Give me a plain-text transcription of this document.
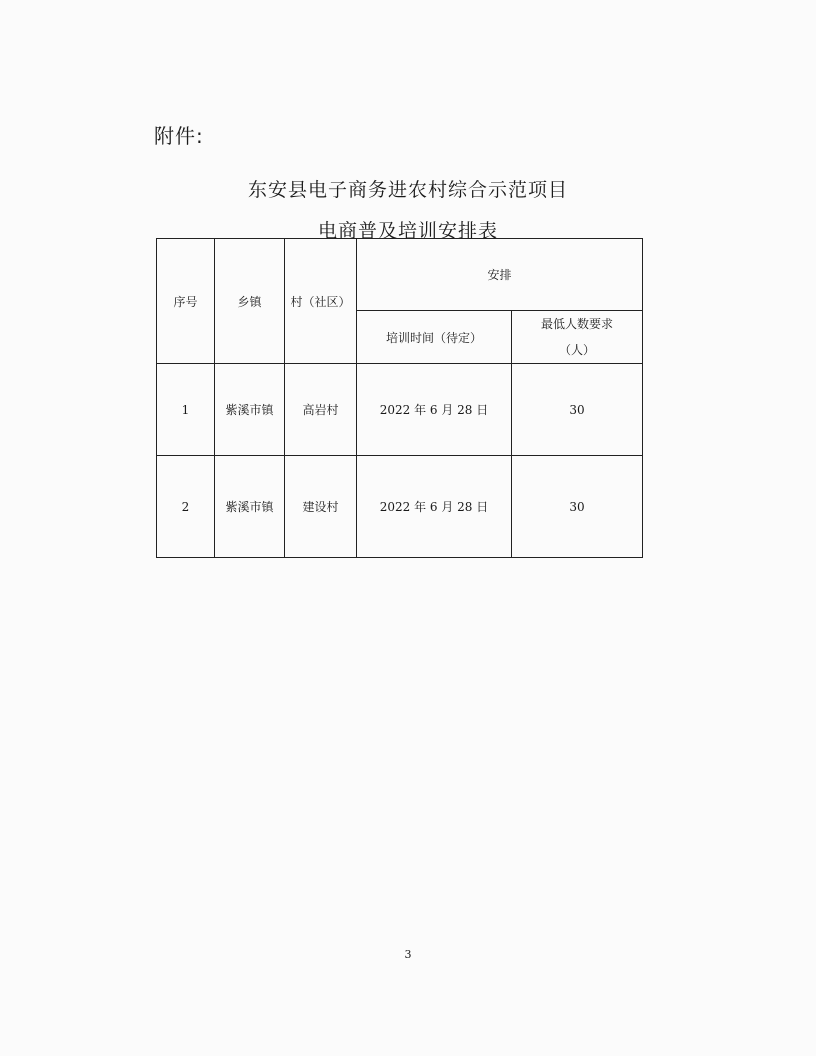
附件:
东安县电子商务进农村综合示范项目
电商普及培训安排表
序号	乡镇	村（社区）	安排	
			培训时间（待定）	最低人数要求
（人）

1	紫溪市镇	高岩村	2022 年 6 月 28 日	30
2	紫溪市镇	建设村	2022 年 6 月 28 日	30
3
